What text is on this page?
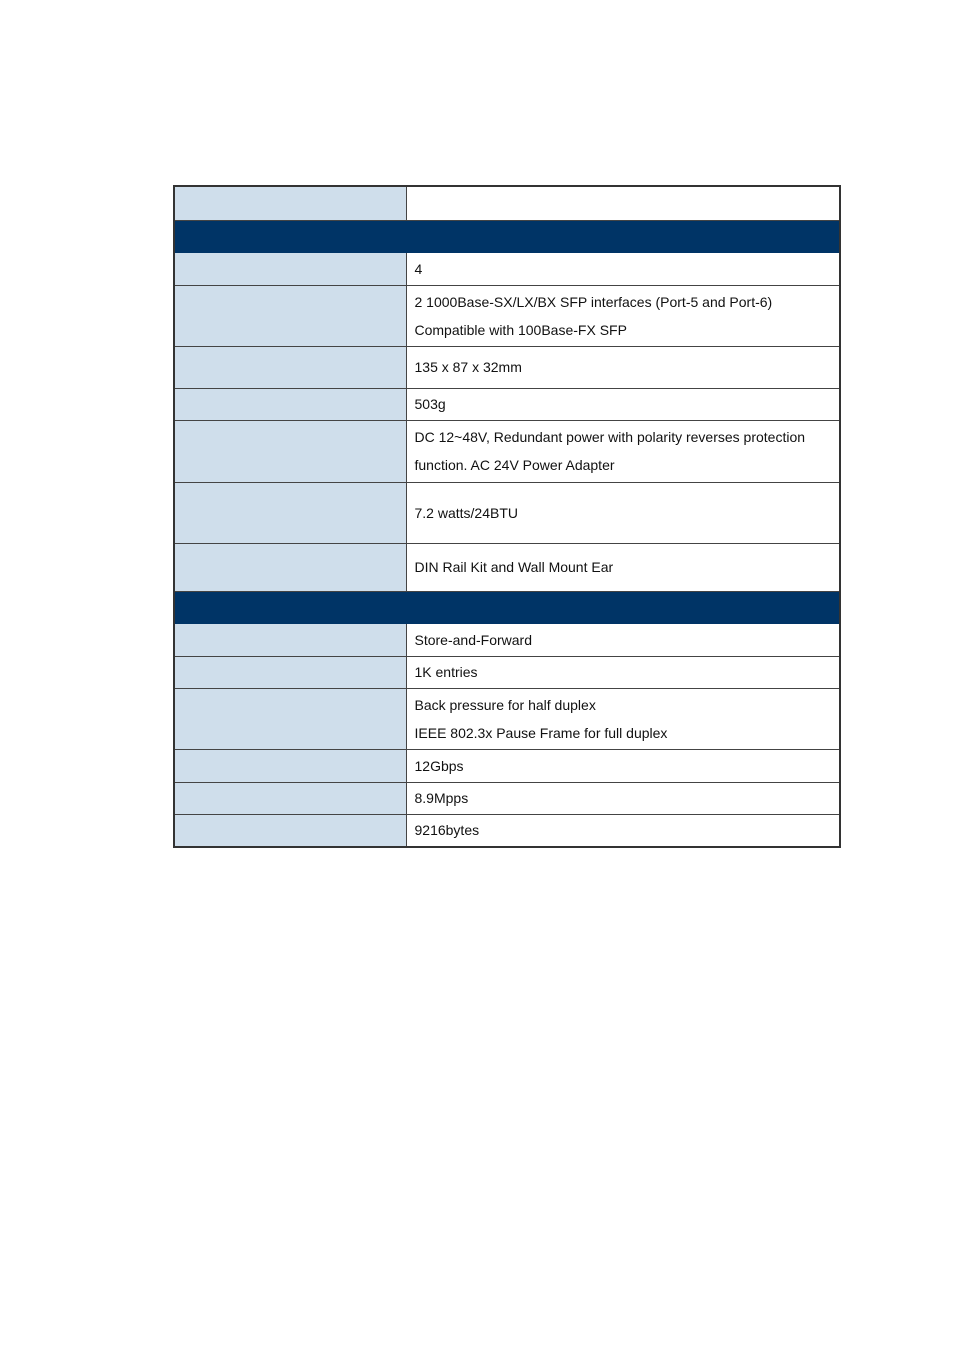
	4

	2 1000Base-SX/LX/BX SFP interfaces (Port-5 and Port-6)
Compatible with 100Base-FX SFP

	135 x 87 x 32mm

	503g

	DC 12~48V, Redundant power with polarity reverses protection
function. AC 24V Power Adapter

	7.2 watts/24BTU

	DIN Rail Kit and Wall Mount Ear

	Store-and-Forward

	1K entries

	Back pressure for half duplex
IEEE 802.3x Pause Frame for full duplex

	12Gbps

	8.9Mpps

	9216bytes
